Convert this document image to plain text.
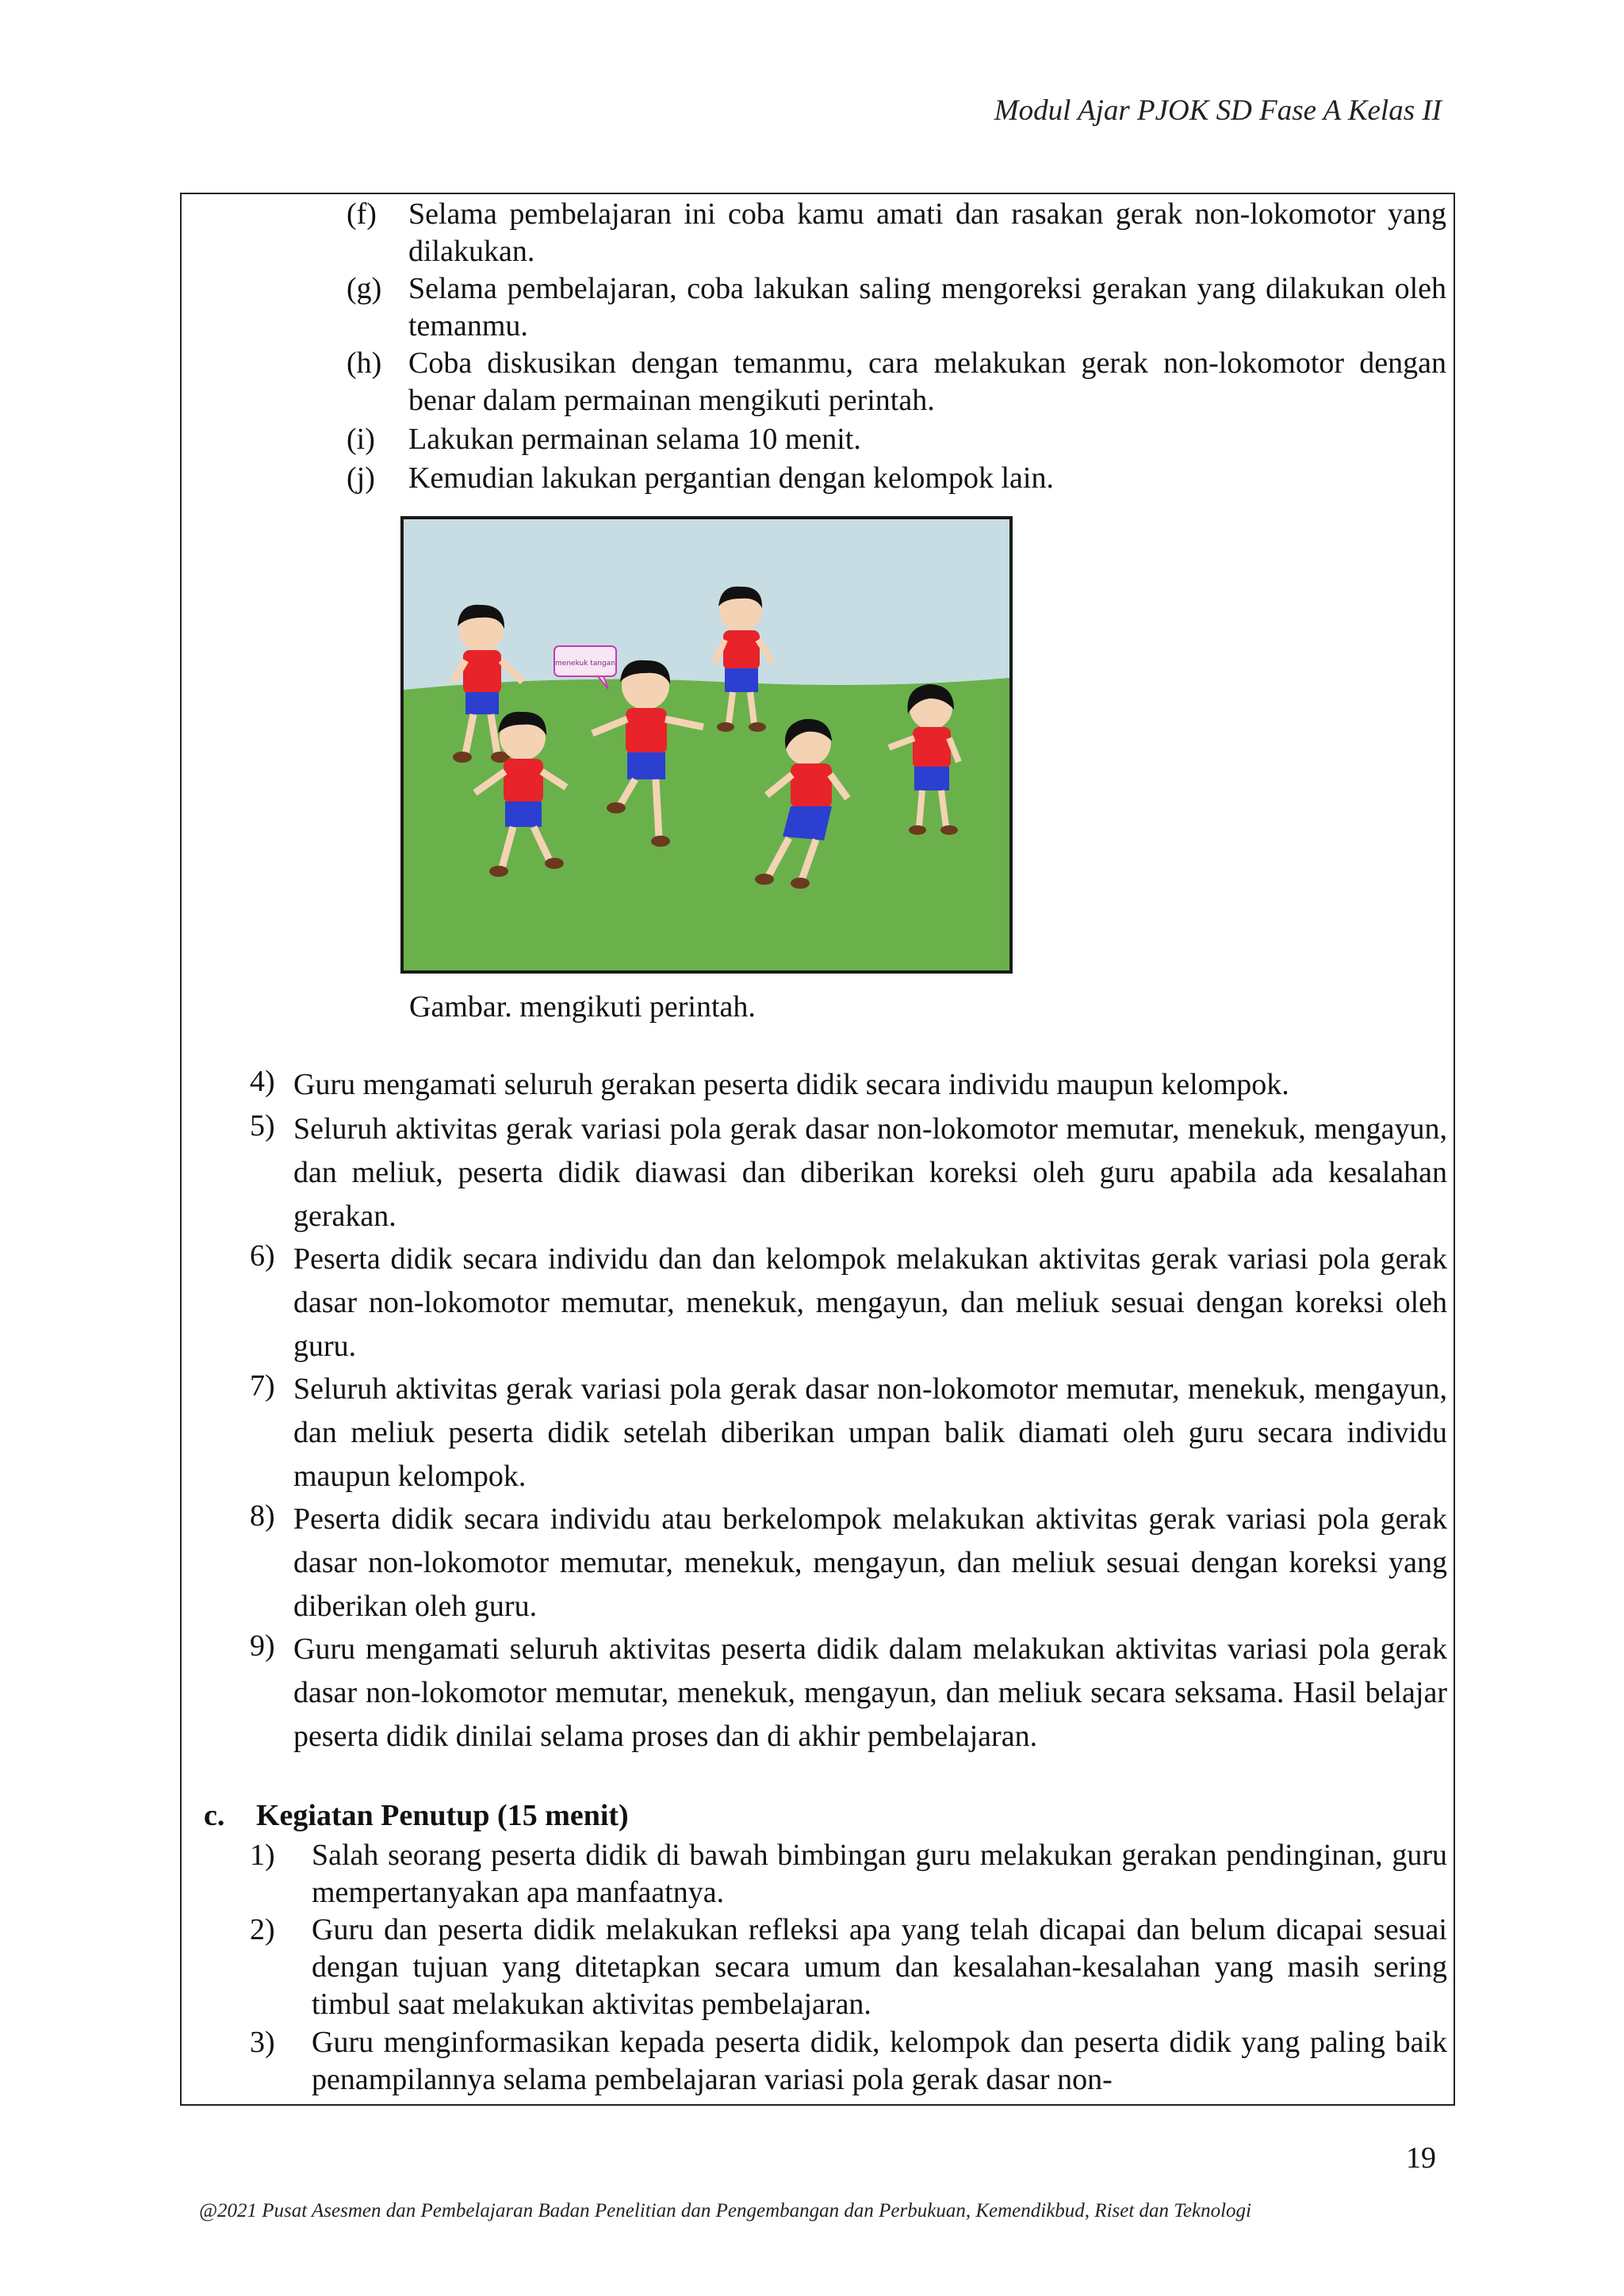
Modul Ajar PJOK SD Fase A Kelas II
(f) Selama pembelajaran ini coba kamu amati dan rasakan gerak non-lokomotor yang dilakukan.
(g) Selama pembelajaran, coba lakukan saling mengoreksi gerakan yang dilakukan oleh temanmu.
(h) Coba diskusikan dengan temanmu, cara melakukan gerak non-lokomotor dengan benar dalam permainan mengikuti perintah.
(i) Lakukan permainan selama 10 menit.
(j) Kemudian lakukan pergantian dengan kelompok lain.
menekuk tangan
Gambar. mengikuti perintah.
4) Guru mengamati seluruh gerakan peserta didik secara individu maupun kelompok.
5) Seluruh aktivitas gerak variasi pola gerak dasar non-lokomotor memutar, menekuk, mengayun, dan meliuk, peserta didik diawasi dan diberikan koreksi oleh guru apabila ada kesalahan gerakan.
6) Peserta didik secara individu dan dan kelompok melakukan aktivitas gerak variasi pola gerak dasar non-lokomotor memutar, menekuk, mengayun, dan meliuk sesuai dengan koreksi oleh guru.
7) Seluruh aktivitas gerak variasi pola gerak dasar non-lokomotor memutar, menekuk, mengayun, dan meliuk peserta didik setelah diberikan umpan balik diamati oleh guru secara individu maupun kelompok.
8) Peserta didik secara individu atau berkelompok melakukan aktivitas gerak variasi pola gerak dasar non-lokomotor memutar, menekuk, mengayun, dan meliuk sesuai dengan koreksi yang diberikan oleh guru.
9) Guru mengamati seluruh aktivitas peserta didik dalam melakukan aktivitas variasi pola gerak dasar non-lokomotor memutar, menekuk, mengayun, dan meliuk secara seksama. Hasil belajar peserta didik dinilai selama proses dan di akhir pembelajaran.
c. Kegiatan Penutup (15 menit)
1) Salah seorang peserta didik di bawah bimbingan guru melakukan gerakan pendinginan, guru mempertanyakan apa manfaatnya.
2) Guru dan peserta didik melakukan refleksi apa yang telah dicapai dan belum dicapai sesuai dengan tujuan yang ditetapkan secara umum dan kesalahan-kesalahan yang masih sering timbul saat melakukan aktivitas pembelajaran.
3) Guru menginformasikan kepada peserta didik, kelompok dan peserta didik yang paling baik penampilannya selama pembelajaran variasi pola gerak dasar non-
19
@2021 Pusat Asesmen dan Pembelajaran Badan Penelitian dan Pengembangan dan Perbukuan, Kemendikbud, Riset dan Teknologi
